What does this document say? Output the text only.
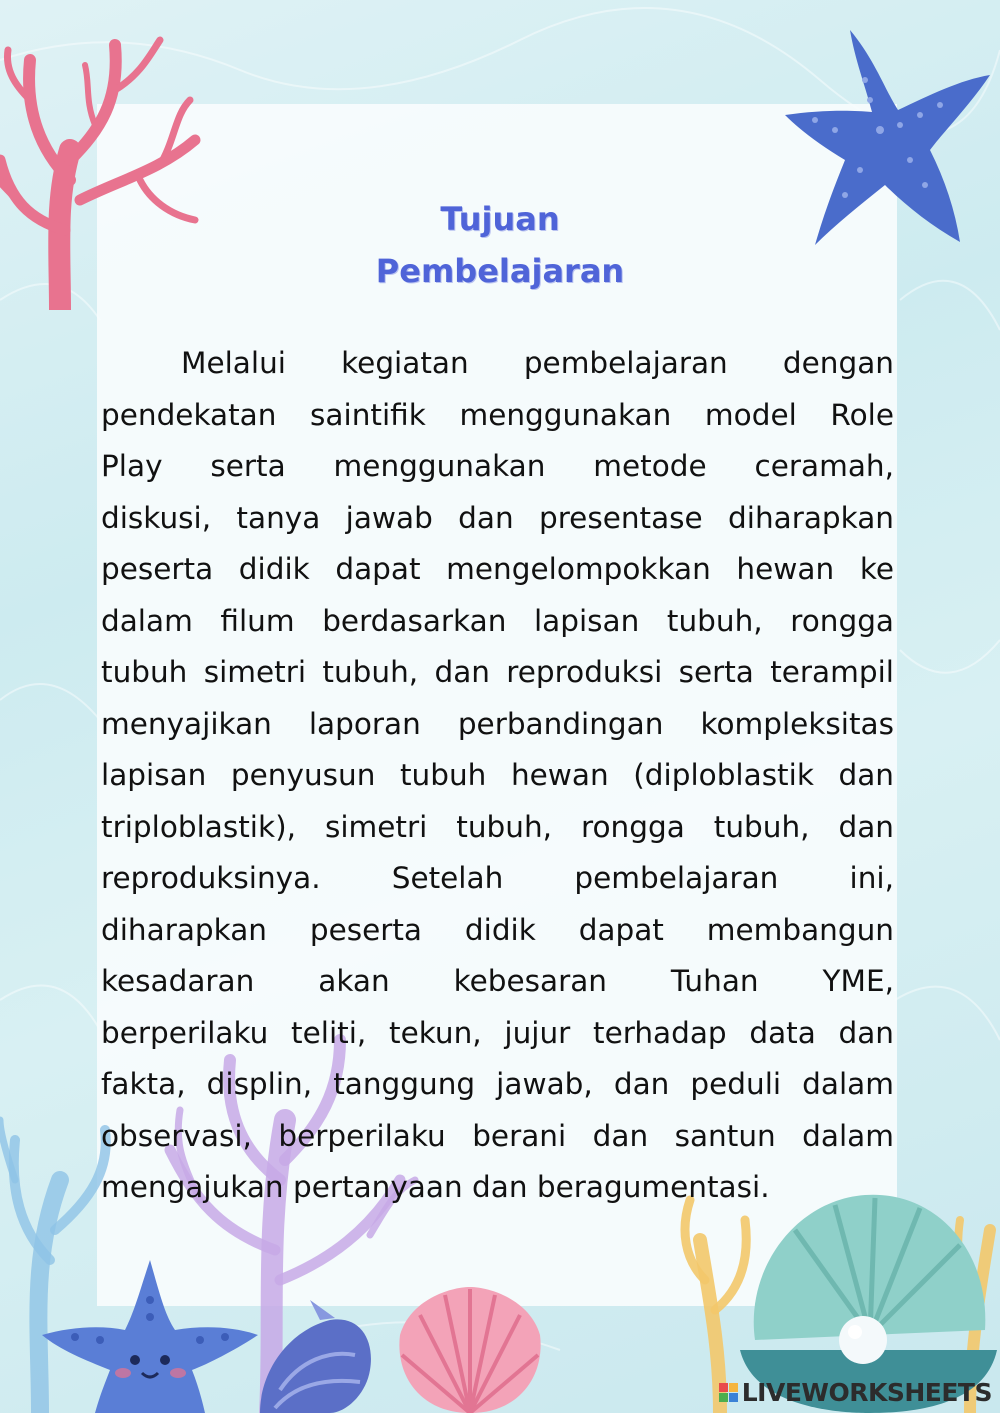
Tujuan
Pembelajaran
Melalui kegiatan pembelajaran dengan
pendekatan saintifik menggunakan model Role
Play serta menggunakan metode ceramah,
diskusi, tanya jawab dan presentase diharapkan
peserta didik dapat mengelompokkan hewan ke
dalam filum berdasarkan lapisan tubuh, rongga
tubuh simetri tubuh, dan reproduksi serta terampil
menyajikan laporan perbandingan kompleksitas
lapisan penyusun tubuh hewan (diploblastik dan
triploblastik), simetri tubuh, rongga tubuh, dan
reproduksinya. Setelah pembelajaran ini,
diharapkan peserta didik dapat membangun
kesadaran akan kebesaran Tuhan YME,
berperilaku teliti, tekun, jujur terhadap data dan
fakta, displin, tanggung jawab, dan peduli dalam
observasi, berperilaku berani dan santun dalam
mengajukan pertanyaan dan beragumentasi.
LIVEWORKSHEETS
